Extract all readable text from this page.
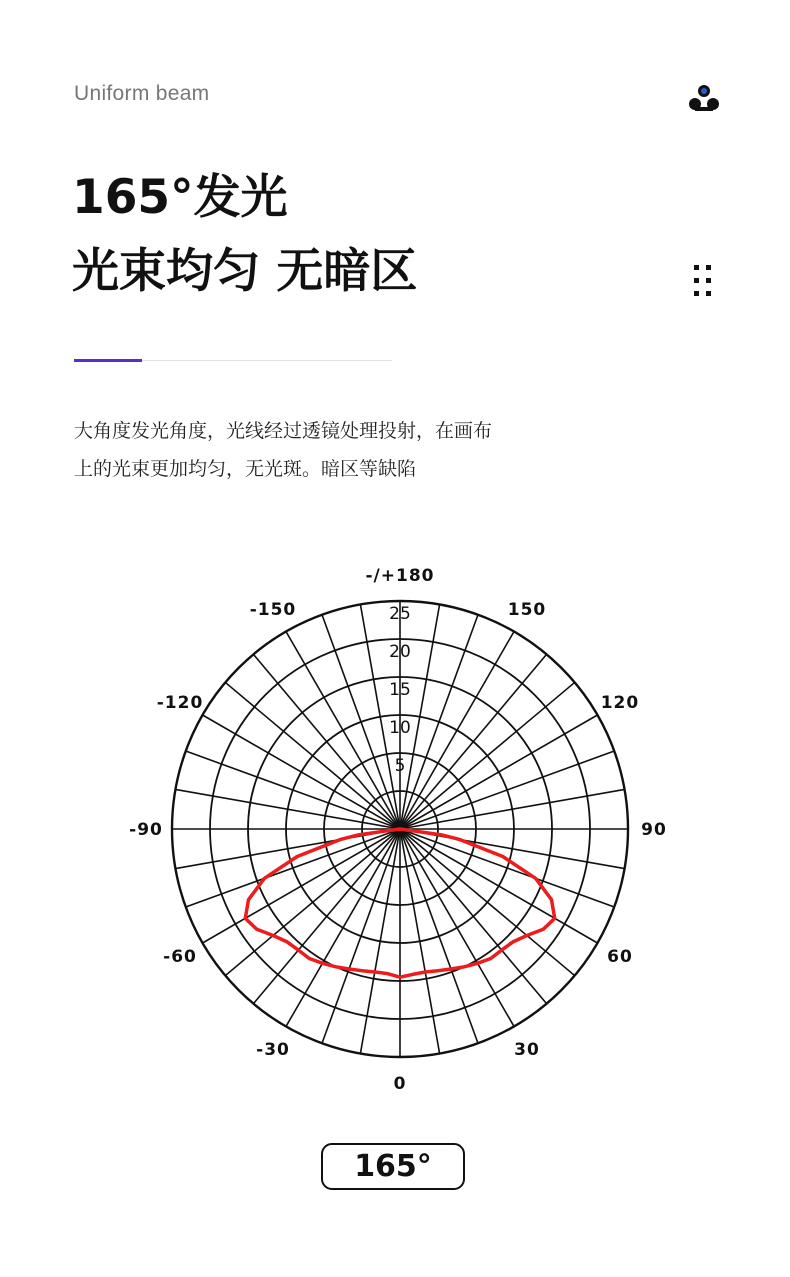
Uniform beam
165°发光
光束均匀 无暗区
大角度发光角度，光线经过透镜处理投射，在画布
上的光束更加均匀，无光斑。暗区等缺陷
5
10
15
20
25
0
30
-30
60
-60
90
-90
120
-120
150
-150
-/+180
165°
